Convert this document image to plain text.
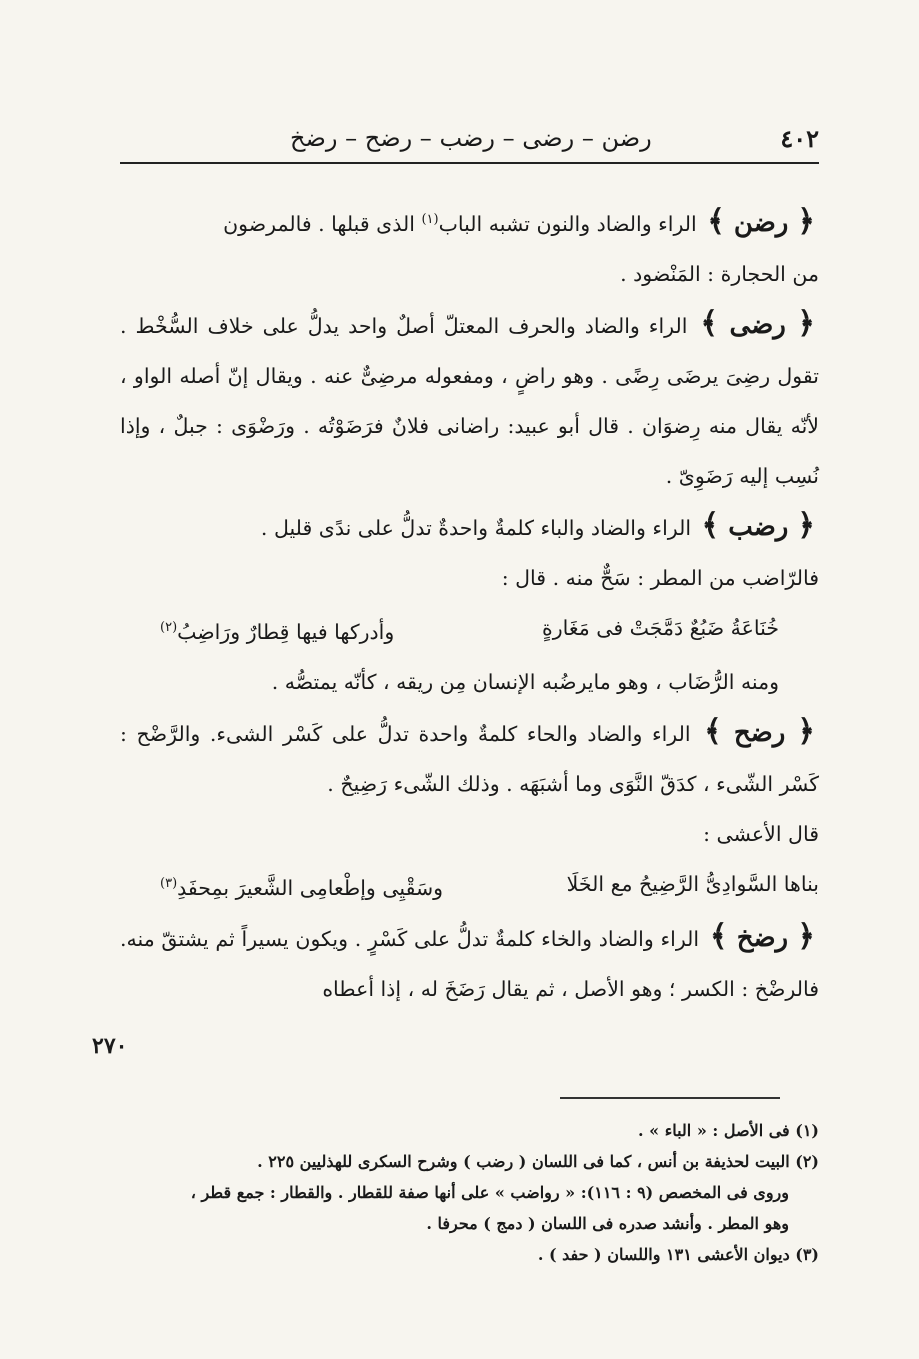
٤٠٢
رضن – رضى – رضب – رضح – رضخ

﴿ رضن ﴾ الراء والضاد والنون تشبه الباب$^{(١)}$ الذى قبلها . فالمرضون
من الحجارة : المَنْضود .

﴿ رضى ﴾ الراء والضاد والحرف المعتلّ أصلٌ واحد يدلُّ على خلاف السُّخْط . تقول رضِىَ يرضَى رِضًى . وهو راضٍ ، ومفعوله مرضِىٌّ عنه . ويقال إنّ أصله الواو ، لأنّه يقال منه رِضوَان . قال أبو عبيد: راضانى فلانٌ فرَضَوْتُه . ورَضْوَى : جبلٌ ، وإذا نُسِب إليه رَضَوِىّ .

﴿ رضب ﴾ الراء والضاد والباء كلمةٌ واحدةٌ تدلُّ على ندًى قليل .
فالرّاضب من المطر : سَحٌّ منه . قال :

خُنَاعَةُ ضَبُعٌ دَمَّجَتْ فى مَغَارةٍ
وأدركها فيها قِطارٌ ورَاضِبُ$^{(٢)}$

ومنه الرُّضَاب ، وهو مايرضُبه الإنسان مِن ريقه ، كأنّه يمتصُّه .

﴿ رضح ﴾ الراء والضاد والحاء كلمةٌ واحدة تدلُّ على كَسْر الشىء. والرَّضْح : كَسْر الشّىء ، كدَقّ النَّوَى وما أشبَهَه . وذلك الشّىء رَضِيحٌ .
قال الأعشى :

بناها السَّوادِىُّ الرَّضِيحُ مع الخَلَا
وسَقْيِى وإطْعامِى الشَّعيرَ بمِحفَدِ$^{(٣)}$

﴿ رضخ ﴾ الراء والضاد والخاء كلمةٌ تدلُّ على كَسْرٍ . ويكون يسيراً ثم يشتقّ منه. فالرضْخ : الكسر ؛ وهو الأصل ، ثم يقال رَضَخَ له ، إذا أعطاه

٢٧٠

(١) فى الأصل : « الباء » .

(٢) البيت لحذيفة بن أنس ، كما فى اللسان ( رضب ) وشرح السكرى للهذليين ٢٢٥ .

وروى فى المخصص (٩ : ١١٦): « رواضب » على أنها صفة للقطار . والقطار : جمع قطر ،

وهو المطر . وأنشد صدره فى اللسان ( دمج ) محرفا .

(٣) ديوان الأعشى ١٣١ واللسان ( حفد ) .
